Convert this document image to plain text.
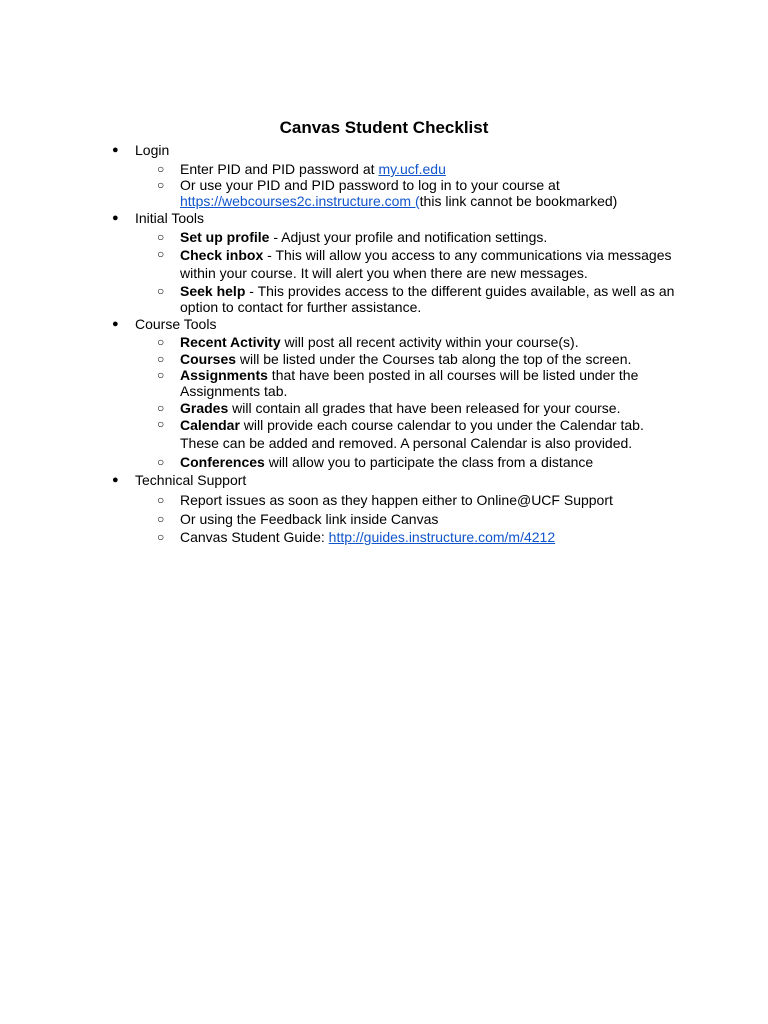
Canvas Student Checklist
● Login
○ Enter PID and PID password at my.ucf.edu
○ Or use your PID and PID password to log in to your course at
https://webcourses2c.instructure.com (this link cannot be bookmarked)
● Initial Tools
○ Set up profile - Adjust your profile and notification settings.
○ Check inbox - This will allow you access to any communications via messages
within your course. It will alert you when there are new messages.
○ Seek help - This provides access to the different guides available, as well as an
option to contact for further assistance.
● Course Tools
○ Recent Activity will post all recent activity within your course(s).
○ Courses will be listed under the Courses tab along the top of the screen.
○ Assignments that have been posted in all courses will be listed under the
Assignments tab.
○ Grades will contain all grades that have been released for your course.
○ Calendar will provide each course calendar to you under the Calendar tab.
These can be added and removed. A personal Calendar is also provided.
○ Conferences will allow you to participate the class from a distance
● Technical Support
○ Report issues as soon as they happen either to Online@UCF Support
○ Or using the Feedback link inside Canvas
○ Canvas Student Guide: http://guides.instructure.com/m/4212
